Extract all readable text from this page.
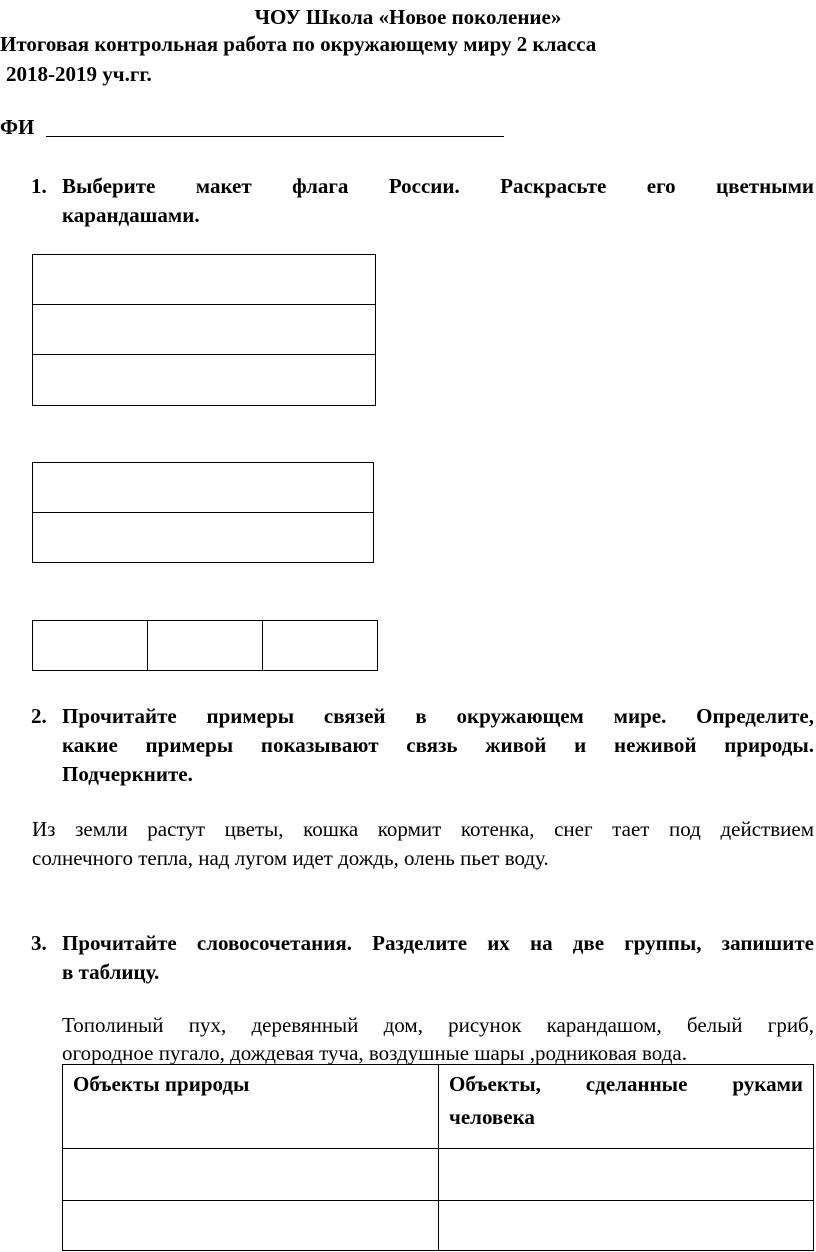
ЧОУ Школа «Новое поколение»
Итоговая контрольная работа по окружающему миру 2 класса
2018-2019 уч.гг.
ФИ
1. Выберите макет флага России. Раскрасьте его цветными
карандашами.
2. Прочитайте примеры связей в окружающем мире. Определите,
какие примеры показывают связь живой и неживой природы.
Подчеркните.
Из земли растут цветы, кошка кормит котенка, снег тает под действием
солнечного тепла, над лугом идет дождь, олень пьет воду.
3. Прочитайте словосочетания. Разделите их на две группы, запишите
в таблицу.
Тополиный пух, деревянный дом, рисунок карандашом, белый гриб,
огородное пугало, дождевая туча, воздушные шары ,родниковая вода.
Объекты природы	Объекты, сделанные руками
человека
